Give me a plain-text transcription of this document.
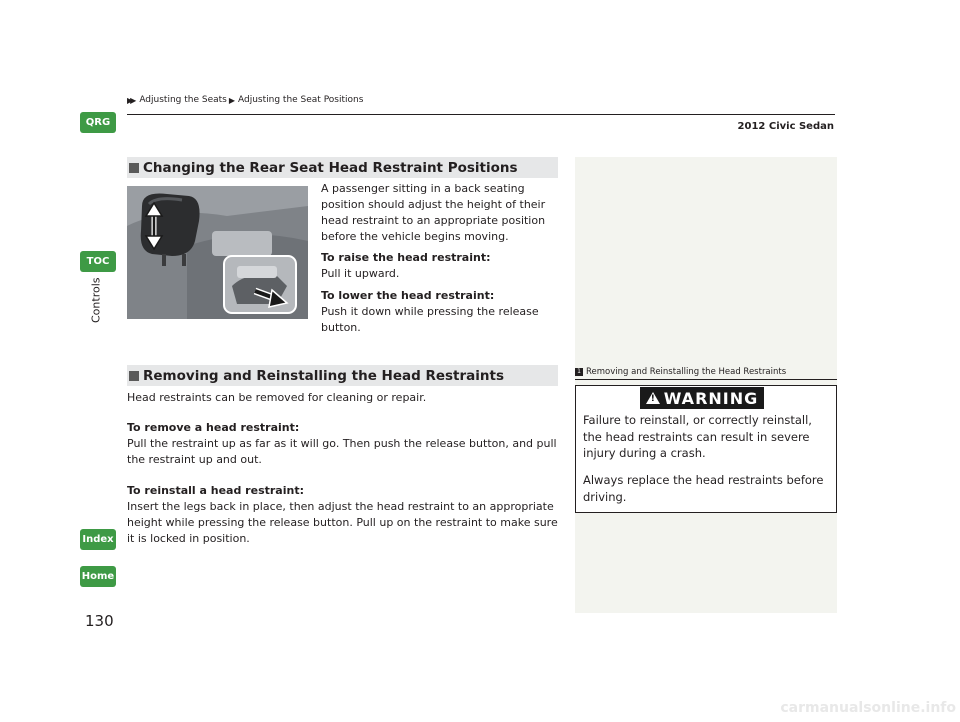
QRG
TOC
Controls
Index
Home
▶▶ Adjusting the Seats ▶ Adjusting the Seat Positions
2012 Civic Sedan
Changing the Rear Seat Head Restraint Positions
A passenger sitting in a back seating position should adjust the height of their head restraint to an appropriate position before the vehicle begins moving.
To raise the head restraint:
Pull it upward.
To lower the head restraint:
Push it down while pressing the release button.
Removing and Reinstalling the Head Restraints
Head restraints can be removed for cleaning or repair.
To remove a head restraint:
Pull the restraint up as far as it will go. Then push the release button, and pull the restraint up and out.
To reinstall a head restraint:
Insert the legs back in place, then adjust the head restraint to an appropriate height while pressing the release button. Pull up on the restraint to make sure it is locked in position.
1 Removing and Reinstalling the Head Restraints
! WARNING
Failure to reinstall, or correctly reinstall, the head restraints can result in severe injury during a crash.
Always replace the head restraints before driving.
130
carmanualsonline.info
